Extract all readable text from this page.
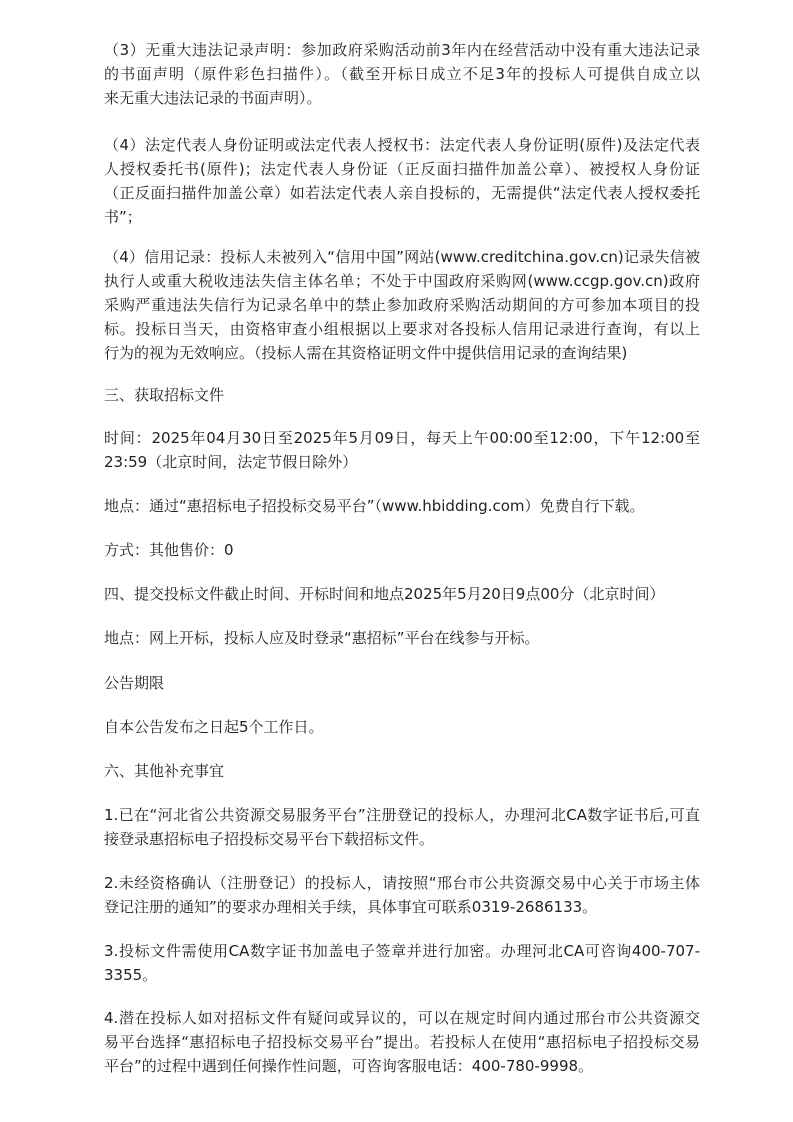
（3）无重大违法记录声明：参加政府采购活动前3年内在经营活动中没有重大违法记录
的书面声明（原件彩色扫描件）。（截至开标日成立不足3年的投标人可提供自成立以
来无重大违法记录的书面声明）。
（4）法定代表人身份证明或法定代表人授权书：法定代表人身份证明(原件)及法定代表
人授权委托书(原件)；法定代表人身份证（正反面扫描件加盖公章）、被授权人身份证
（正反面扫描件加盖公章）如若法定代表人亲自投标的，无需提供“法定代表人授权委托
书”；
（4）信用记录：投标人未被列入“信用中国”网站(www.creditchina.gov.cn)记录失信被
执行人或重大税收违法失信主体名单；不处于中国政府采购网(www.ccgp.gov.cn)政府
采购严重违法失信行为记录名单中的禁止参加政府采购活动期间的方可参加本项目的投
标。投标日当天，由资格审查小组根据以上要求对各投标人信用记录进行查询，有以上
行为的视为无效响应。（投标人需在其资格证明文件中提供信用记录的查询结果)
三、获取招标文件
时间：2025年04月30日至2025年5月09日，每天上午00:00至12:00，下午12:00至
23:59（北京时间，法定节假日除外）
地点：通过“惠招标电子招投标交易平台”（www.hbidding.com）免费自行下载。
方式：其他售价：0
四、提交投标文件截止时间、开标时间和地点2025年5月20日9点00分（北京时间）
地点：网上开标，投标人应及时登录“惠招标”平台在线参与开标。
公告期限
自本公告发布之日起5个工作日。
六、其他补充事宜
1.已在“河北省公共资源交易服务平台”注册登记的投标人，办理河北CA数字证书后,可直
接登录惠招标电子招投标交易平台下载招标文件。
2.未经资格确认（注册登记）的投标人，请按照“邢台市公共资源交易中心关于市场主体
登记注册的通知”的要求办理相关手续，具体事宜可联系0319-2686133。
3.投标文件需使用CA数字证书加盖电子签章并进行加密。办理河北CA可咨询400-707-
3355。
4.潜在投标人如对招标文件有疑问或异议的，可以在规定时间内通过邢台市公共资源交
易平台选择“惠招标电子招投标交易平台”提出。若投标人在使用“惠招标电子招投标交易
平台”的过程中遇到任何操作性问题，可咨询客服电话：400-780-9998。
